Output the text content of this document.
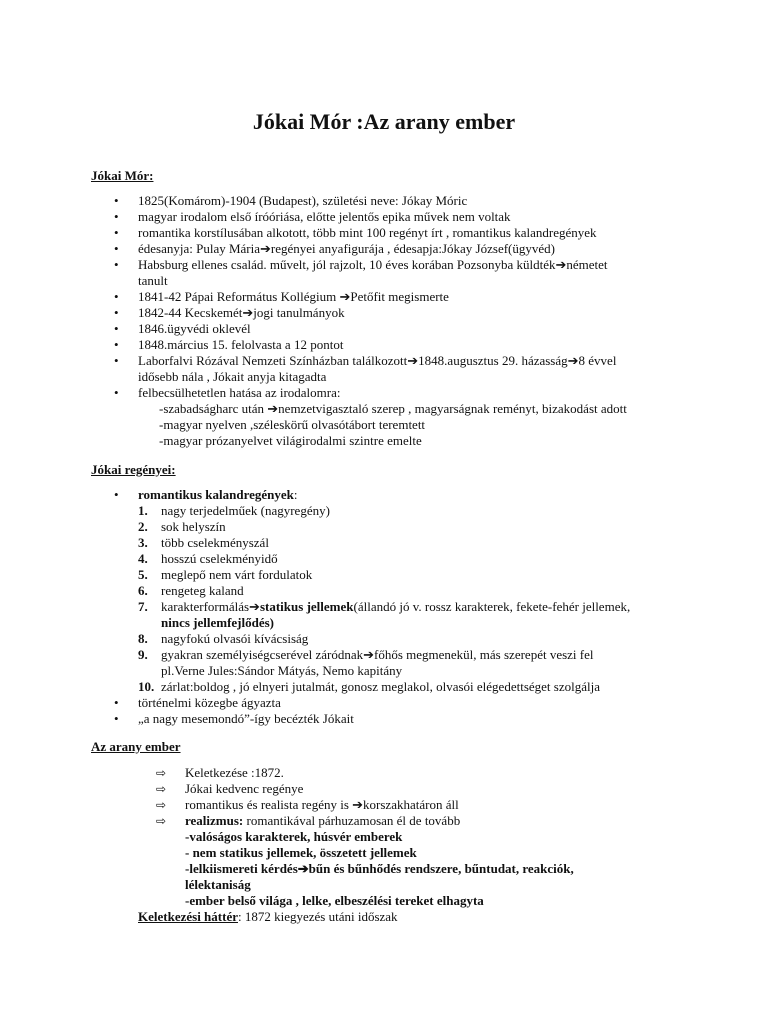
Jókai Mór :Az arany ember
Jókai Mór:
• 1825(Komárom)-1904 (Budapest), születési neve: Jókay Móric
• magyar irodalom első íróóriása, előtte jelentős epika művek nem voltak
• romantika korstílusában alkotott, több mint 100 regényt írt , romantikus kalandregények
• édesanyja: Pulay Mária➔regényei anyafigurája , édesapja:Jókay József(ügyvéd)
• Habsburg ellenes család. művelt, jól rajzolt, 10 éves korában Pozsonyba küldték➔németet
tanult
• 1841-42 Pápai Református Kollégium ➔Petőfit megismerte
• 1842-44 Kecskemét➔jogi tanulmányok
• 1846.ügyvédi oklevél
• 1848.március 15. felolvasta a 12 pontot
• Laborfalvi Rózával Nemzeti Színházban találkozott➔1848.augusztus 29. házasság➔8 évvel
idősebb nála , Jókait anyja kitagadta
• felbecsülhetetlen hatása az irodalomra:
-szabadságharc után ➔nemzetvigasztaló szerep , magyarságnak reményt, bizakodást adott
-magyar nyelven ,széleskörű olvasótábort teremtett
-magyar prózanyelvet világirodalmi szintre emelte
Jókai regényei:
• romantikus kalandregények:
1. nagy terjedelműek (nagyregény)
2. sok helyszín
3. több cselekményszál
4. hosszú cselekményidő
5. meglepő nem várt fordulatok
6. rengeteg kaland
7. karakterformálás➔statikus jellemek(állandó jó v. rossz karakterek, fekete-fehér jellemek,
nincs jellemfejlődés)
8. nagyfokú olvasói kívácsiság
9. gyakran személyiségcserével záródnak➔főhős megmenekül, más szerepét veszi fel
pl.Verne Jules:Sándor Mátyás, Nemo kapitány
10. zárlat:boldog , jó elnyeri jutalmát, gonosz meglakol, olvasói elégedettséget szolgálja
• történelmi közegbe ágyazta
• „a nagy mesemondó”-így becézték Jókait
Az arany ember
⇨ Keletkezése :1872.
⇨ Jókai kedvenc regénye
⇨ romantikus és realista regény is ➔korszakhatáron áll
⇨ realizmus: romantikával párhuzamosan él de tovább
-valóságos karakterek, húsvér emberek
- nem statikus jellemek, összetett jellemek
-lelkiismereti kérdés➔bűn és bűnhődés rendszere, bűntudat, reakciók,
lélektaniság
-ember belső világa , lelke, elbeszélési tereket elhagyta
Keletkezési háttér: 1872 kiegyezés utáni időszak
